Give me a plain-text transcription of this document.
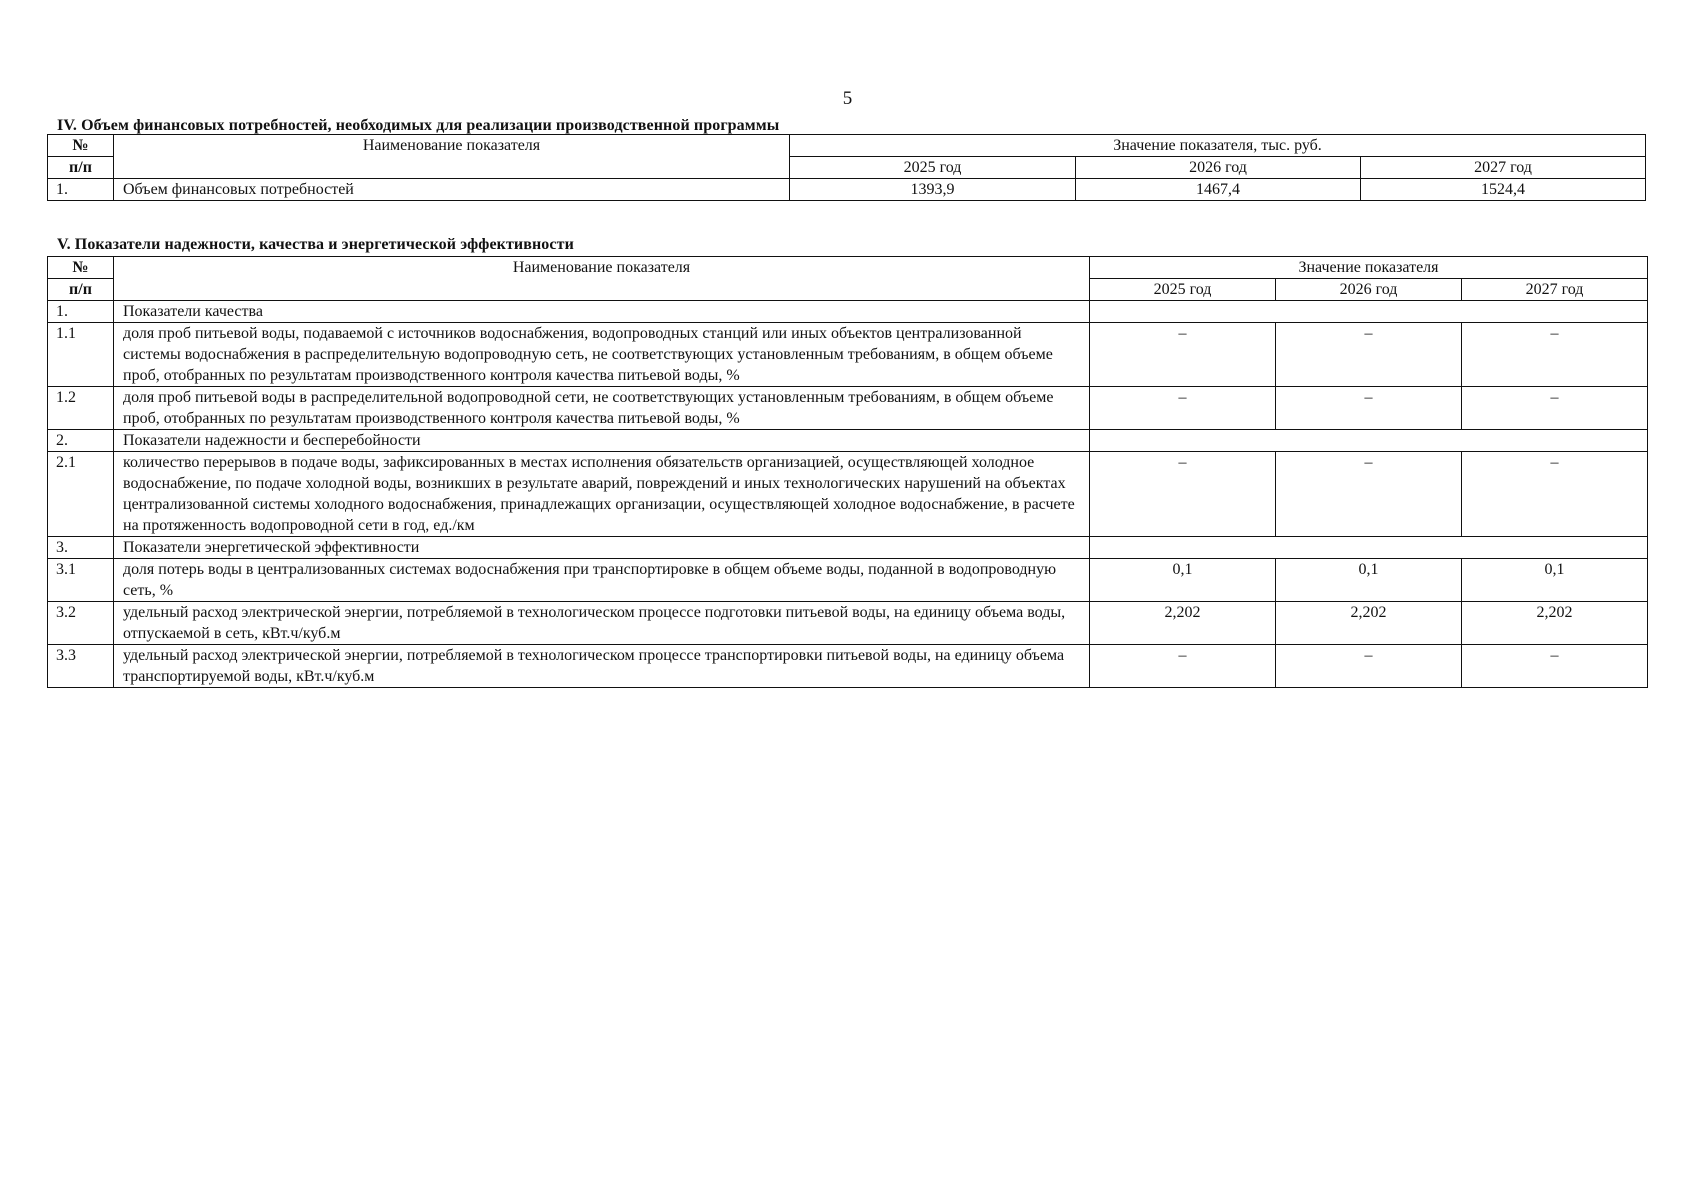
5
IV. Объем финансовых потребностей, необходимых для реализации производственной программы
№	Наименование показателя	Значение показателя, тыс. руб.		
п/п		2025 год	2026 год	2027 год
1.	Объем финансовых потребностей	1393,9	1467,4	1524,4
V. Показатели надежности, качества и энергетической эффективности
№	Наименование показателя	Значение показателя		
п/п		2025 год	2026 год	2027 год
1.	Показатели качества			
1.1	доля проб питьевой воды, подаваемой с источников водоснабжения, водопроводных станций или иных объектов централизованной системы водоснабжения в распределительную водопроводную сеть, не соответствующих установленным требованиям, в общем объеме проб, отобранных по результатам производственного контроля качества питьевой воды, %	–	–	–
1.2	доля проб питьевой воды в распределительной водопроводной сети, не соответствующих установленным требованиям, в общем объеме проб, отобранных по результатам производственного контроля качества питьевой воды, %	–	–	–
2.	Показатели надежности и бесперебойности			
2.1	количество перерывов в подаче воды, зафиксированных в местах исполнения обязательств организацией, осуществляющей холодное водоснабжение, по подаче холодной воды, возникших в результате аварий, повреждений и иных технологических нарушений на объектах централизованной системы холодного водоснабжения, принадлежащих организации, осуществляющей холодное водоснабжение, в расчете на протяженность водопроводной сети в год, ед./км	–	–	–
3.	Показатели энергетической эффективности			
3.1	доля потерь воды в централизованных системах водоснабжения при транспортировке в общем объеме воды, поданной в водопроводную сеть, %	0,1	0,1	0,1
3.2	удельный расход электрической энергии, потребляемой в технологическом процессе подготовки питьевой воды, на единицу объема воды, отпускаемой в сеть, кВт.ч/куб.м	2,202	2,202	2,202
3.3	удельный расход электрической энергии, потребляемой в технологическом процессе транспортировки питьевой воды, на единицу объема транспортируемой воды, кВт.ч/куб.м	–	–	–
